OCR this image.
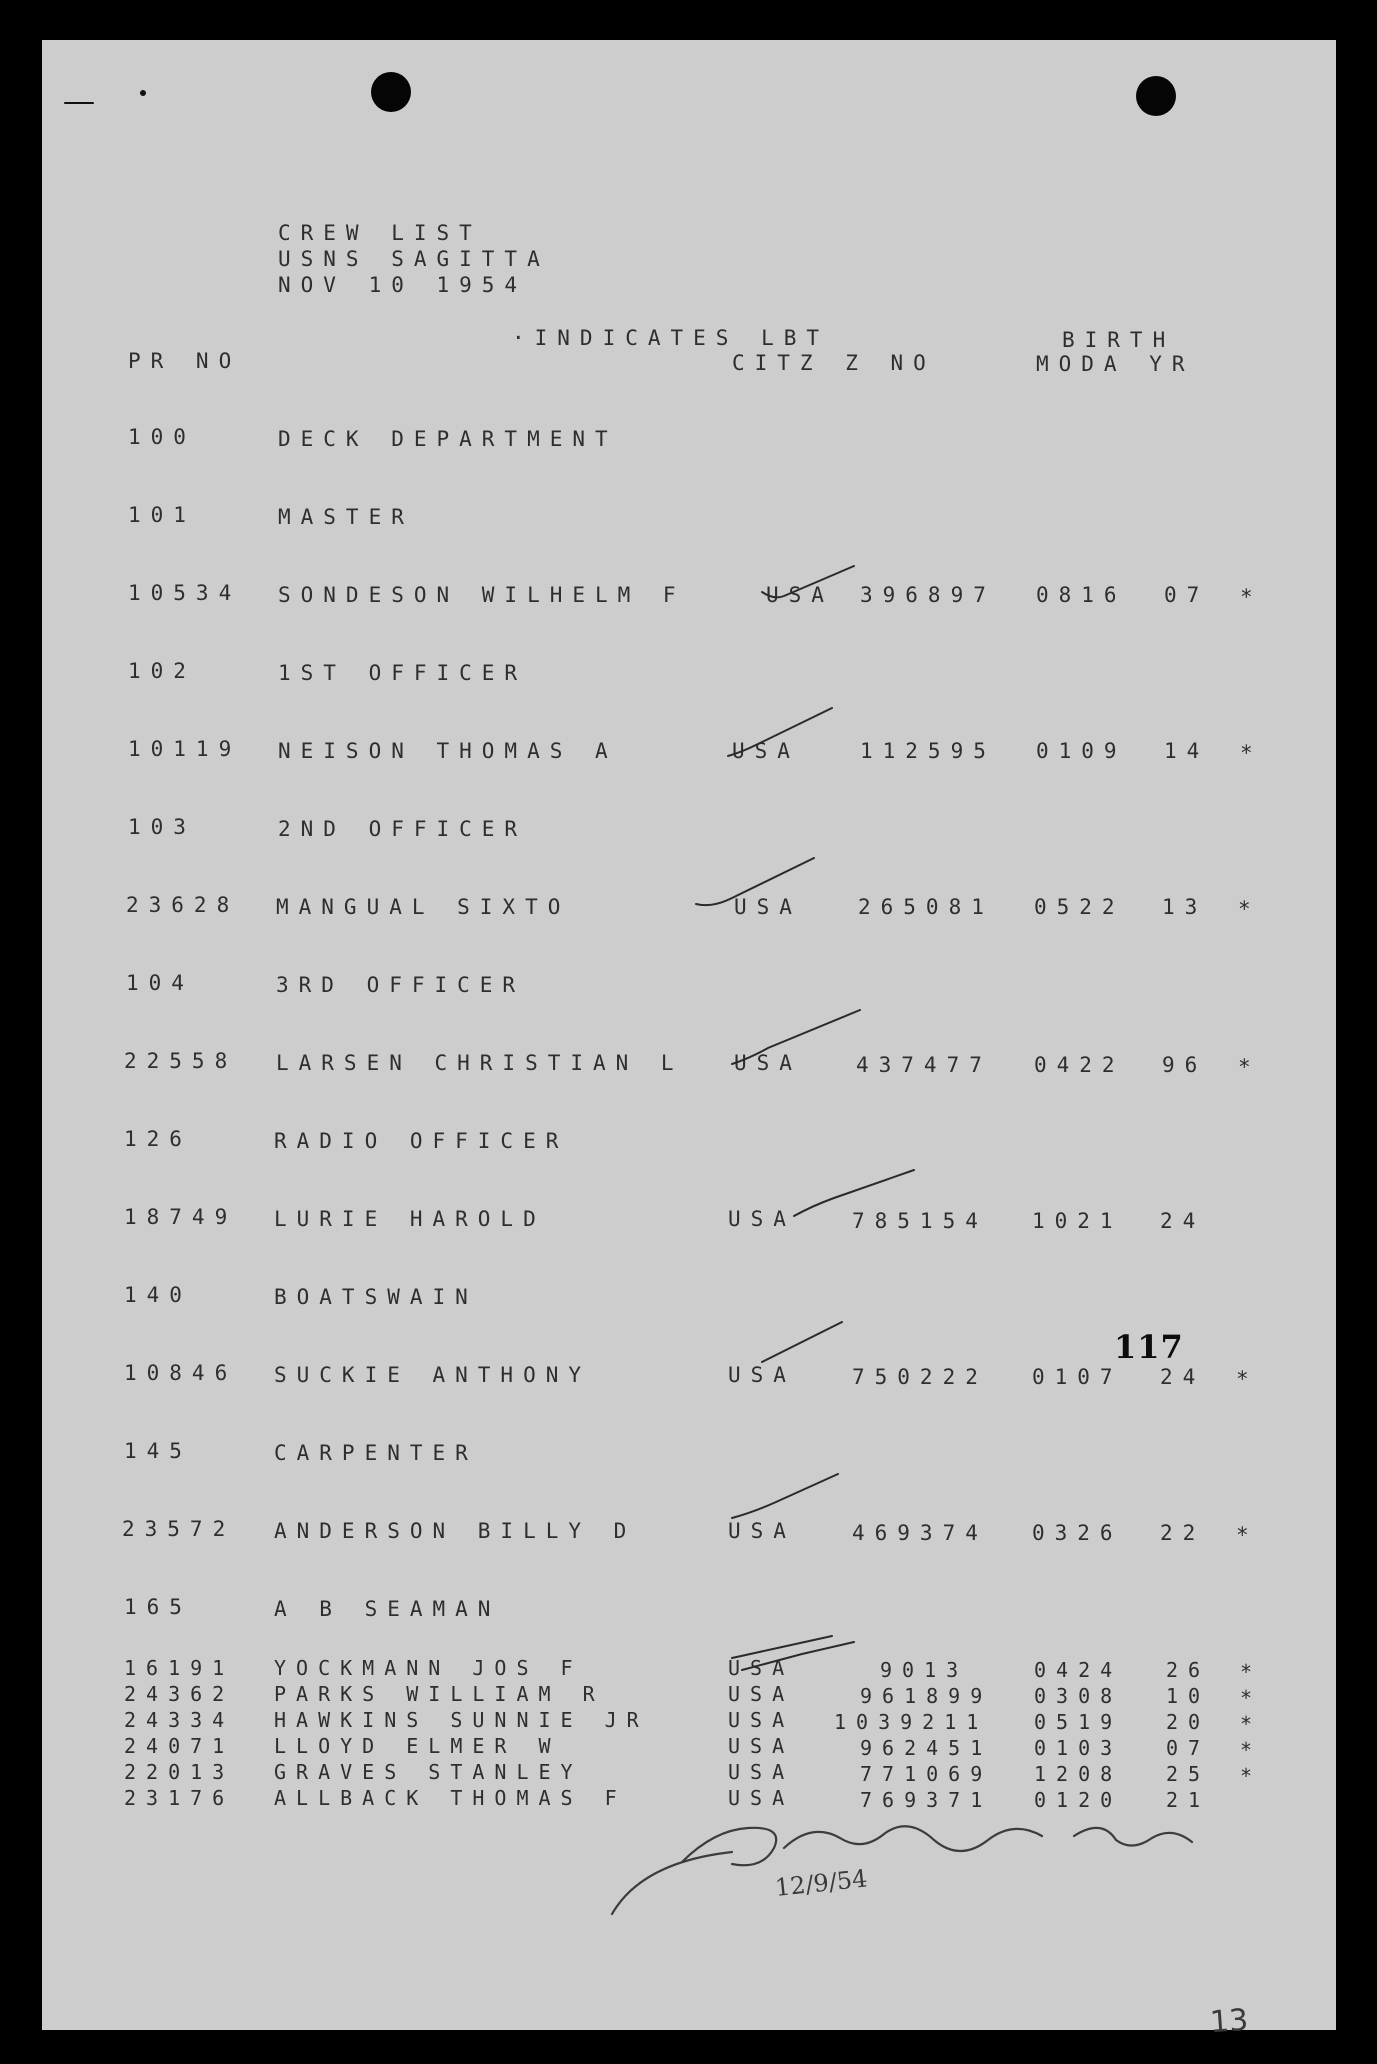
CREW LIST
USNS SAGITTA
NOV 10 1954
·INDICATES LBT	BIRTH
PR NO	CITZ Z NO	MODA YR
100	DECK DEPARTMENT
101	MASTER
10534 SONDESON WILHELM F	USA 396897 0816 07 *
102	1ST OFFICER
10119 NEISON THOMAS A	USA	112595 0109 14 *
103	2ND OFFICER
23628 MANGUAL SIXTO	USA	265081 0522 13 *
104	3RD OFFICER
22558 LARSEN CHRISTIAN L USA	437477 0422 96 *
126	RADIO OFFICER
18749 LURIE HAROLD	USA	785154 1021 24
140	BOATSWAIN
117
10846 SUCKIE ANTHONY	USA	750222 0107 24 *
145	CARPENTER
23572 ANDERSON BILLY D	USA	469374 0326 22 *
165	A B SEAMAN
16191 YOCKMANN JOS F	USA	9013	0424 26 *
24362 PARKS WILLIAM R	USA	961899 0308 10 *
24334 HAWKINS SUNNIE JR	USA 1039211 0519 20 *
24071 LLOYD ELMER W	USA	962451 0103 07 *
22013 GRAVES STANLEY	USA	771069 1208 25 *
23176 ALLBACK THOMAS F	USA	769371 0120 21
13
12/9/54
